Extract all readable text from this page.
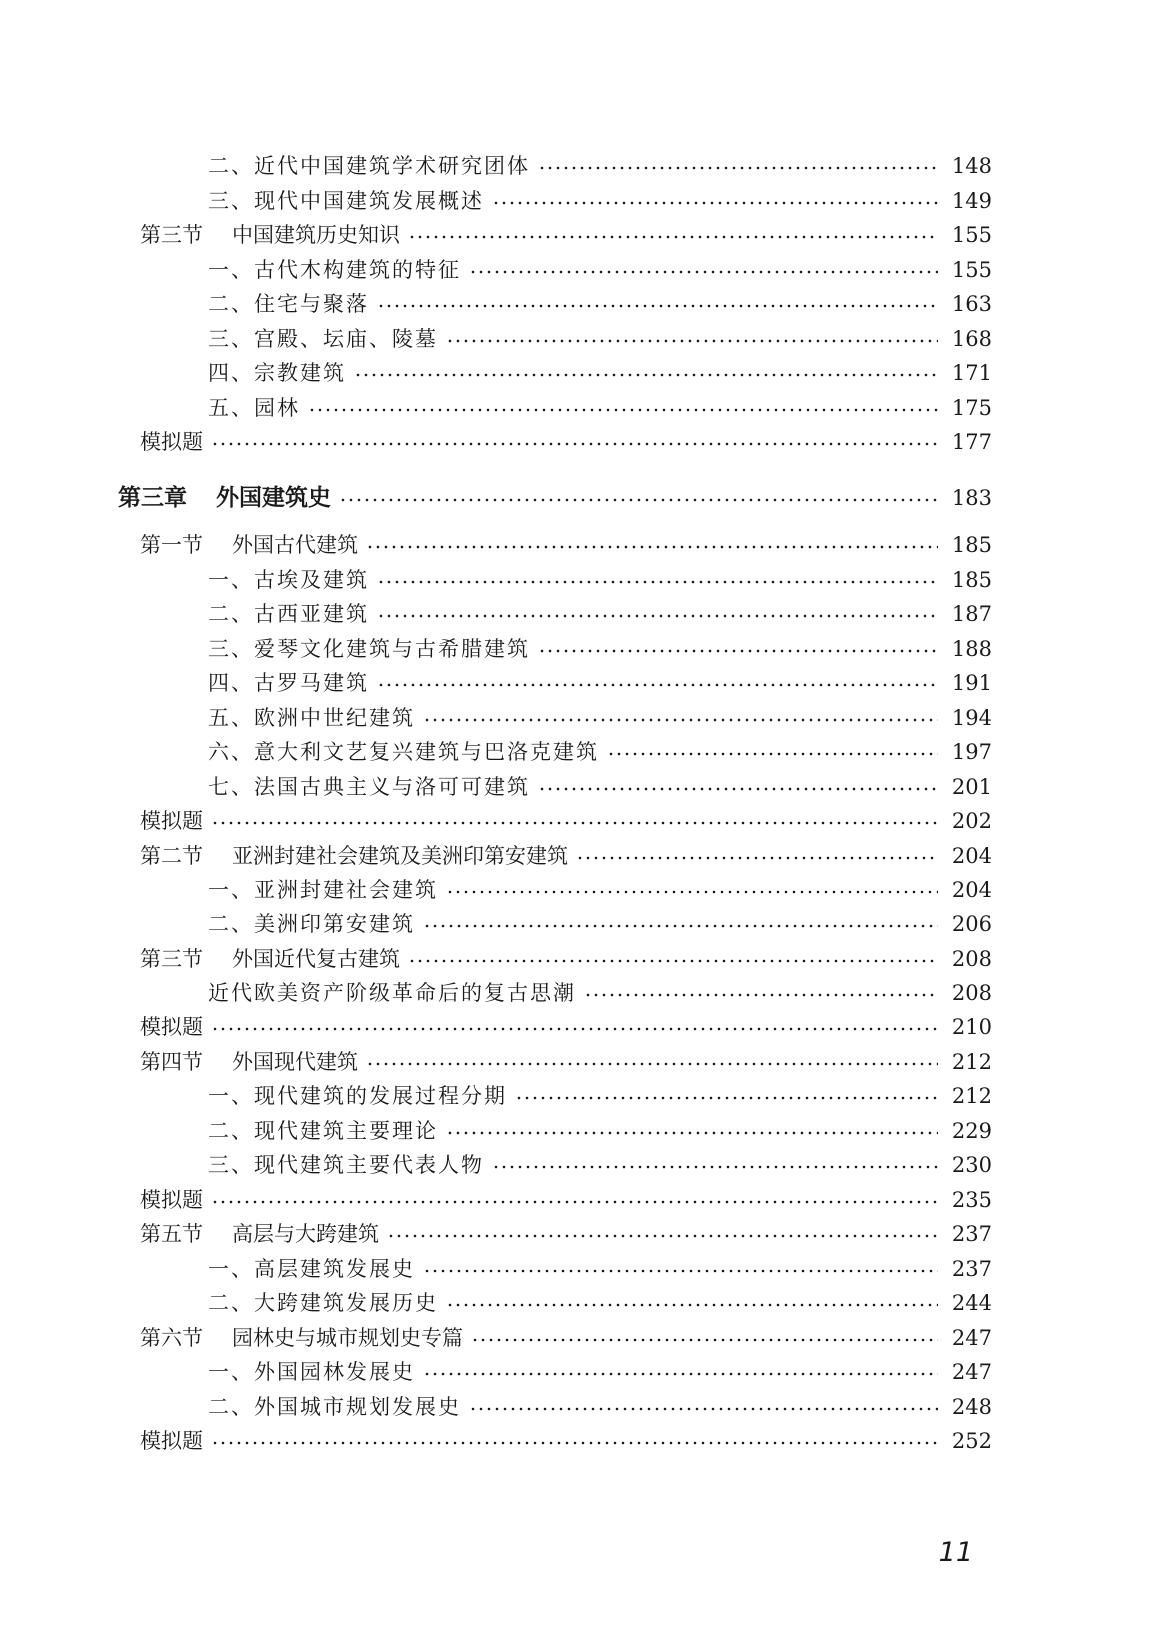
二、近代中国建筑学术研究团体	148
三、现代中国建筑发展概述	149
第三节 中国建筑历史知识	155
一、古代木构建筑的特征	155
二、住宅与聚落	163
三、宫殿、坛庙、陵墓	168
四、宗教建筑	171
五、园林	175
模拟题	177
第三章 外国建筑史	183
第一节 外国古代建筑	185
一、古埃及建筑	185
二、古西亚建筑	187
三、爱琴文化建筑与古希腊建筑	188
四、古罗马建筑	191
五、欧洲中世纪建筑	194
六、意大利文艺复兴建筑与巴洛克建筑	197
七、法国古典主义与洛可可建筑	201
模拟题	202
第二节 亚洲封建社会建筑及美洲印第安建筑	204
一、亚洲封建社会建筑	204
二、美洲印第安建筑	206
第三节 外国近代复古建筑	208
近代欧美资产阶级革命后的复古思潮	208
模拟题	210
第四节 外国现代建筑	212
一、现代建筑的发展过程分期	212
二、现代建筑主要理论	229
三、现代建筑主要代表人物	230
模拟题	235
第五节 高层与大跨建筑	237
一、高层建筑发展史	237
二、大跨建筑发展历史	244
第六节 园林史与城市规划史专篇	247
一、外国园林发展史	247
二、外国城市规划发展史	248
模拟题	252
11
